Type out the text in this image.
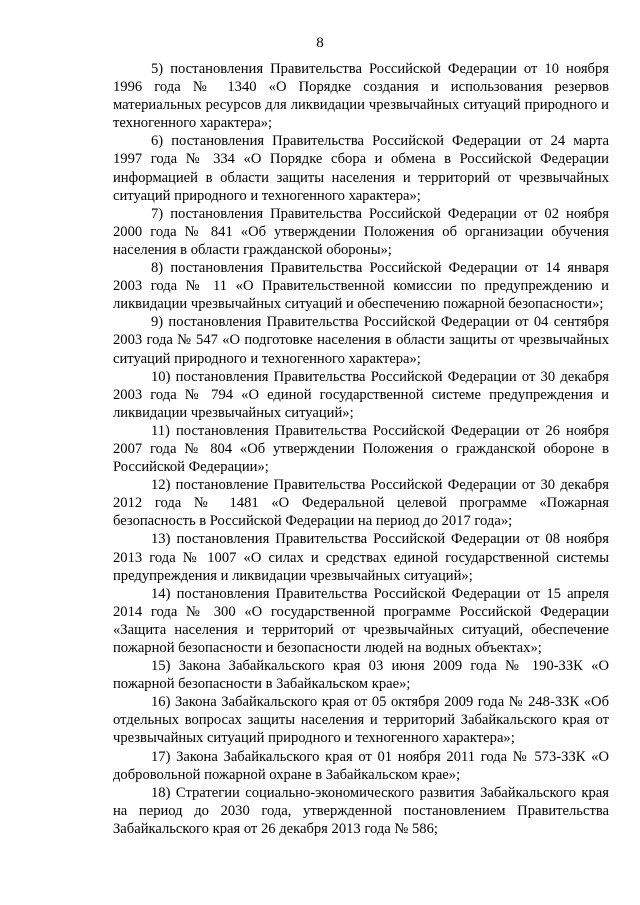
8

5) постановления Правительства Российской Федерации от 10 ноября 1996 года № 1340 «О Порядке создания и использования резервов материальных ресурсов для ликвидации чрезвычайных ситуаций природного и техногенного характера»;

6) постановления Правительства Российской Федерации от 24 марта 1997 года № 334 «О Порядке сбора и обмена в Российской Федерации информацией в области защиты населения и территорий от чрезвычайных ситуаций природного и техногенного характера»;

7) постановления Правительства Российской Федерации от 02 ноября 2000 года № 841 «Об утверждении Положения об организации обучения населения в области гражданской обороны»;

8) постановления Правительства Российской Федерации от 14 января 2003 года № 11 «О Правительственной комиссии по предупреждению и ликвидации чрезвычайных ситуаций и обеспечению пожарной безопасности»;

9) постановления Правительства Российской Федерации от 04 сентября 2003 года № 547 «О подготовке населения в области защиты от чрезвычайных ситуаций природного и техногенного характера»;

10) постановления Правительства Российской Федерации от 30 декабря 2003 года № 794 «О единой государственной системе предупреждения и ликвидации чрезвычайных ситуаций»;

11) постановления Правительства Российской Федерации от 26 ноября 2007 года № 804 «Об утверждении Положения о гражданской обороне в Российской Федерации»;

12) постановление Правительства Российской Федерации от 30 декабря 2012 года № 1481 «О Федеральной целевой программе «Пожарная безопасность в Российской Федерации на период до 2017 года»;

13) постановления Правительства Российской Федерации от 08 ноября 2013 года № 1007 «О силах и средствах единой государственной системы предупреждения и ликвидации чрезвычайных ситуаций»;

14) постановления Правительства Российской Федерации от 15 апреля 2014 года № 300 «О государственной программе Российской Федерации «Защита населения и территорий от чрезвычайных ситуаций, обеспечение пожарной безопасности и безопасности людей на водных объектах»;

15) Закона Забайкальского края 03 июня 2009 года № 190-ЗЗК «О пожарной безопасности в Забайкальском крае»;

16) Закона Забайкальского края от 05 октября 2009 года № 248-ЗЗК «Об отдельных вопросах защиты населения и территорий Забайкальского края от чрезвычайных ситуаций природного и техногенного характера»;

17) Закона Забайкальского края от 01 ноября 2011 года № 573-ЗЗК «О добровольной пожарной охране в Забайкальском крае»;

18) Стратегии социально-экономического развития Забайкальского края на период до 2030 года, утвержденной постановлением Правительства Забайкальского края от 26 декабря 2013 года № 586;
